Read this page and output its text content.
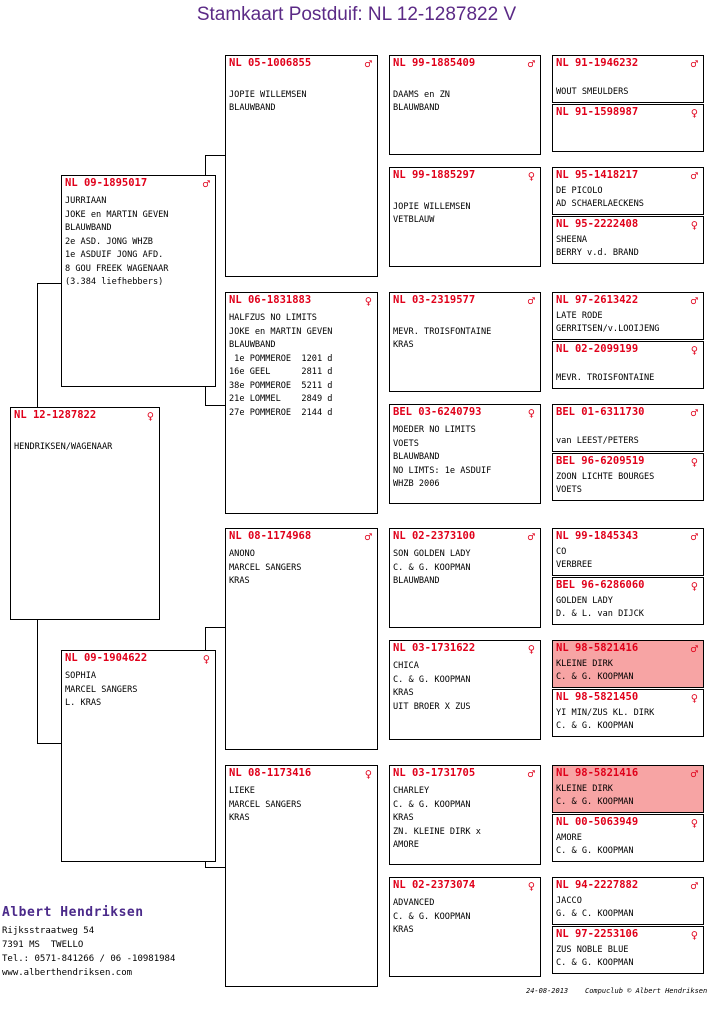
Stamkaart Postduif: NL 12-1287822 V
NL 12-1287822	♀

HENDRIKSEN/WAGENAAR
NL 09-1895017	♂
JURRIAAN
JOKE en MARTIN GEVEN
BLAUWBAND
2e ASD. JONG WHZB
1e ASDUIF JONG AFD.
8 GOU FREEK WAGENAAR
(3.384 liefhebbers)
NL 09-1904622	♀
SOPHIA
MARCEL SANGERS
L. KRAS
NL 05-1006855	♂

JOPIE WILLEMSEN
BLAUWBAND
NL 06-1831883	♀
HALFZUS NO LIMITS
JOKE en MARTIN GEVEN
BLAUWBAND
1e POMMEROE  1201 d
16e GEEL      2811 d
38e POMMEROE  5211 d
21e LOMMEL    2849 d
27e POMMEROE  2144 d
NL 08-1174968	♂
ANONO
MARCEL SANGERS
KRAS
NL 08-1173416	♀
LIEKE
MARCEL SANGERS
KRAS
NL 99-1885409	♂

DAAMS en ZN
BLAUWBAND
NL 99-1885297	♀

JOPIE WILLEMSEN
VETBLAUW
NL 03-2319577	♂

MEVR. TROISFONTAINE
KRAS
BEL 03-6240793	♀
MOEDER NO LIMITS
VOETS
BLAUWBAND
NO LIMTS: 1e ASDUIF
WHZB 2006
NL 02-2373100	♂
SON GOLDEN LADY
C. & G. KOOPMAN
BLAUWBAND
NL 03-1731622	♀
CHICA
C. & G. KOOPMAN
KRAS
UIT BROER X ZUS
NL 03-1731705	♂
CHARLEY
C. & G. KOOPMAN
KRAS
ZN. KLEINE DIRK x
AMORE
NL 02-2373074	♀
ADVANCED
C. & G. KOOPMAN
KRAS
NL 91-1946232	♂

WOUT SMEULDERS
NL 91-1598987	♀
NL 95-1418217	♂
DE PICOLO
AD SCHAERLAECKENS
NL 95-2222408	♀
SHEENA
BERRY v.d. BRAND
NL 97-2613422	♂
LATE RODE
GERRITSEN/v.LOOIJENG
NL 02-2099199	♀

MEVR. TROISFONTAINE
BEL 01-6311730	♂

van LEEST/PETERS
BEL 96-6209519	♀
ZOON LICHTE BOURGES
VOETS
NL 99-1845343	♂
CO
VERBREE
BEL 96-6286060	♀
GOLDEN LADY
D. & L. van DIJCK
NL 98-5821416	♂
KLEINE DIRK
C. & G. KOOPMAN
NL 98-5821450	♀
YI MIN/ZUS KL. DIRK
C. & G. KOOPMAN
NL 98-5821416	♂
KLEINE DIRK
C. & G. KOOPMAN
NL 00-5063949	♀
AMORE
C. & G. KOOPMAN
NL 94-2227882	♂
JACCO
G. & C. KOOPMAN
NL 97-2253106	♀
ZUS NOBLE BLUE
C. & G. KOOPMAN
Albert Hendriksen
Rijksstraatweg 54
7391 MS  TWELLO
Tel.: 0571-841266 / 06 -10981984
www.alberthendriksen.com
24-08-2013    Compuclub © Albert Hendriksen
